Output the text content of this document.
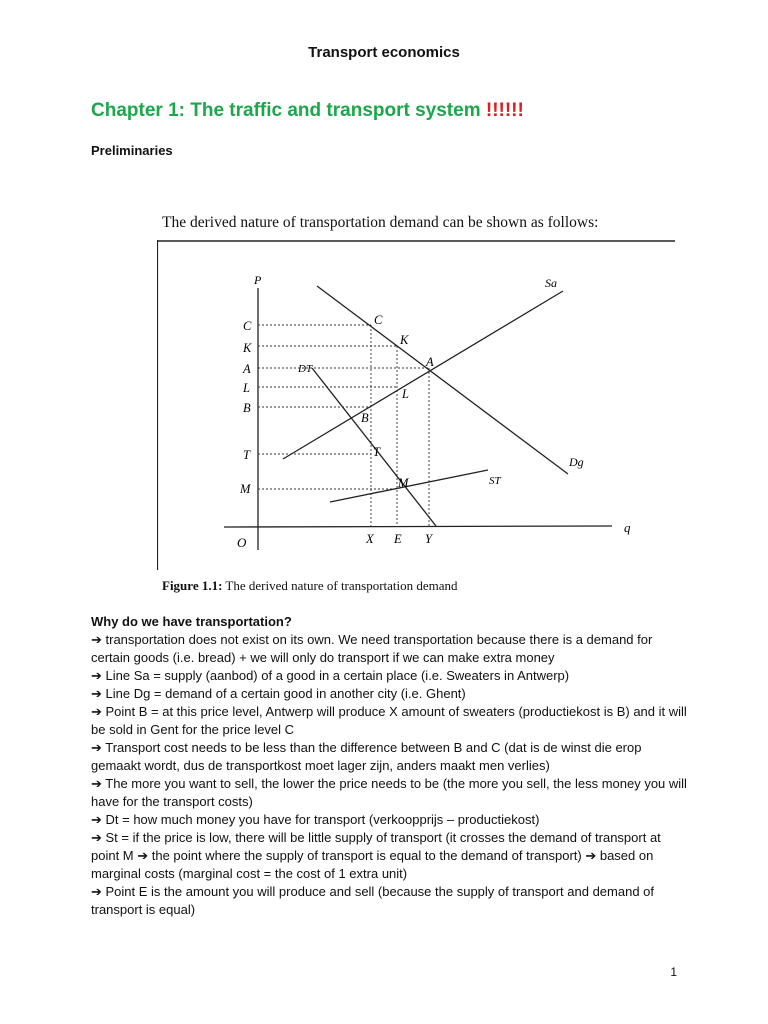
Transport economics
Chapter 1: The traffic and transport system !!!!!!
Preliminaries
The derived nature of transportation demand can be shown as follows:
P
q
O
C
K
A
L
B
T
M
X E Y
Sa
Dg
DT
ST
C
K
A
L
B
T
M
Figure 1.1: The derived nature of transportation demand

Why do we have transportation?

➔ transportation does not exist on its own. We need transportation because there is a demand for certain goods (i.e. bread) + we will only do transport if we can make extra money

➔ Line Sa = supply (aanbod) of a good in a certain place (i.e. Sweaters in Antwerp)

➔ Line Dg = demand of a certain good in another city (i.e. Ghent)

➔ Point B = at this price level, Antwerp will produce X amount of sweaters (productiekost is B) and it will be sold in Gent for the price level C

➔ Transport cost needs to be less than the difference between B and C (dat is de winst die erop gemaakt wordt, dus de transportkost moet lager zijn, anders maakt men verlies)

➔ The more you want to sell, the lower the price needs to be (the more you sell, the less money you will have for the transport costs)

➔ Dt = how much money you have for transport (verkoopprijs – productiekost)

➔ St = if the price is low, there will be little supply of transport (it crosses the demand of transport at point M ➔ the point where the supply of transport is equal to the demand of transport) ➔ based on marginal costs (marginal cost = the cost of 1 extra unit)

➔ Point E is the amount you will produce and sell (because the supply of transport and demand of transport is equal)

1
